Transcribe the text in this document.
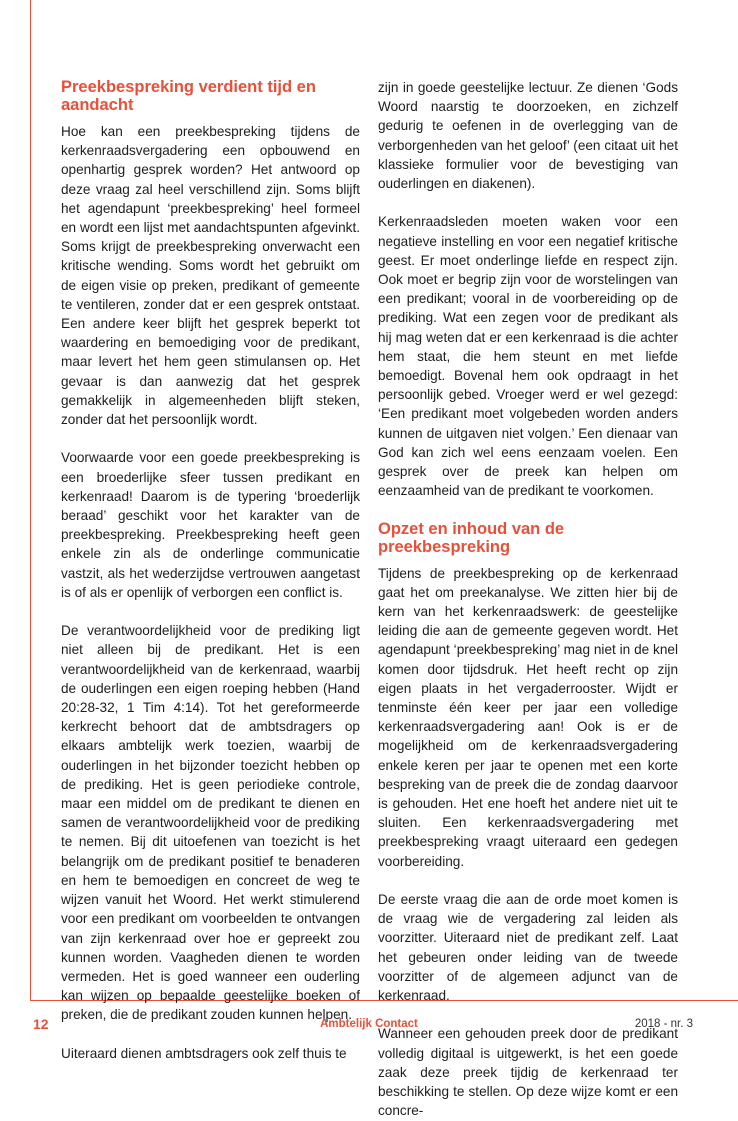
Preekbespreking verdient tijd en aandacht

Hoe kan een preekbespreking tijdens de kerkenraadsvergadering een opbouwend en openhartig gesprek worden? Het antwoord op deze vraag zal heel verschillend zijn. Soms blijft het agendapunt ‘preekbespreking’ heel formeel en wordt een lijst met aandachtspunten afgevinkt. Soms krijgt de preekbespreking onverwacht een kritische wending. Soms wordt het gebruikt om de eigen visie op preken, predikant of gemeente te ventileren, zonder dat er een gesprek ontstaat. Een andere keer blijft het gesprek beperkt tot waardering en bemoediging voor de predikant, maar levert het hem geen stimulansen op. Het gevaar is dan aanwezig dat het gesprek gemakkelijk in algemeenheden blijft steken, zonder dat het persoonlijk wordt.

Voorwaarde voor een goede preekbespreking is een broederlijke sfeer tussen predikant en kerkenraad! Daarom is de typering ‘broederlijk beraad’ geschikt voor het karakter van de preekbespreking. Preekbespreking heeft geen enkele zin als de onderlinge communicatie vastzit, als het wederzijdse vertrouwen aangetast is of als er openlijk of verborgen een conflict is.

De verantwoordelijkheid voor de prediking ligt niet alleen bij de predikant. Het is een verantwoordelijkheid van de kerkenraad, waarbij de ouderlingen een eigen roeping hebben (Hand 20:28-32, 1 Tim 4:14). Tot het gereformeerde kerkrecht behoort dat de ambtsdragers op elkaars ambtelijk werk toezien, waarbij de ouderlingen in het bijzonder toezicht hebben op de prediking. Het is geen periodieke controle, maar een middel om de predikant te dienen en samen de verantwoordelijkheid voor de prediking te nemen. Bij dit uitoefenen van toezicht is het belangrijk om de predikant positief te benaderen en hem te bemoedigen en concreet de weg te wijzen vanuit het Woord. Het werkt stimulerend voor een predikant om voorbeelden te ontvangen van zijn kerkenraad over hoe er gepreekt zou kunnen worden. Vaagheden dienen te worden vermeden. Het is goed wanneer een ouderling kan wijzen op bepaalde geestelijke boeken of preken, die de predikant zouden kunnen helpen.

Uiteraard dienen ambtsdragers ook zelf thuis te

zijn in goede geestelijke lectuur. Ze dienen ‘Gods Woord naarstig te doorzoeken, en zichzelf gedurig te oefenen in de overlegging van de verborgenheden van het geloof’ (een citaat uit het klassieke formulier voor de bevestiging van ouderlingen en diakenen).

Kerkenraadsleden moeten waken voor een negatieve instelling en voor een negatief kritische geest. Er moet onderlinge liefde en respect zijn. Ook moet er begrip zijn voor de worstelingen van een predikant; vooral in de voorbereiding op de prediking. Wat een zegen voor de predikant als hij mag weten dat er een kerkenraad is die achter hem staat, die hem steunt en met liefde bemoedigt. Bovenal hem ook opdraagt in het persoonlijk gebed. Vroeger werd er wel gezegd: ‘Een predikant moet volgebeden worden anders kunnen de uitgaven niet volgen.’ Een dienaar van God kan zich wel eens eenzaam voelen. Een gesprek over de preek kan helpen om eenzaamheid van de predikant te voorkomen.

Opzet en inhoud van de preekbespreking

Tijdens de preekbespreking op de kerkenraad gaat het om preekanalyse. We zitten hier bij de kern van het kerkenraadswerk: de geestelijke leiding die aan de gemeente gegeven wordt. Het agendapunt ‘preekbespreking’ mag niet in de knel komen door tijdsdruk. Het heeft recht op zijn eigen plaats in het vergaderrooster. Wijdt er tenminste één keer per jaar een volledige kerkenraadsvergadering aan! Ook is er de mogelijkheid om de kerkenraadsvergadering enkele keren per jaar te openen met een korte bespreking van de preek die de zondag daarvoor is gehouden. Het ene hoeft het andere niet uit te sluiten. Een kerkenraadsvergadering met preekbespreking vraagt uiteraard een gedegen voorbereiding.

De eerste vraag die aan de orde moet komen is de vraag wie de vergadering zal leiden als voorzitter. Uiteraard niet de predikant zelf. Laat het gebeuren onder leiding van de tweede voorzitter of de algemeen adjunct van de kerkenraad.

Wanneer een gehouden preek door de predikant volledig digitaal is uitgewerkt, is het een goede zaak deze preek tijdig de kerkenraad ter beschikking te stellen. Op deze wijze komt er een concre-

12	Ambtelijk Contact	2018 - nr. 3
